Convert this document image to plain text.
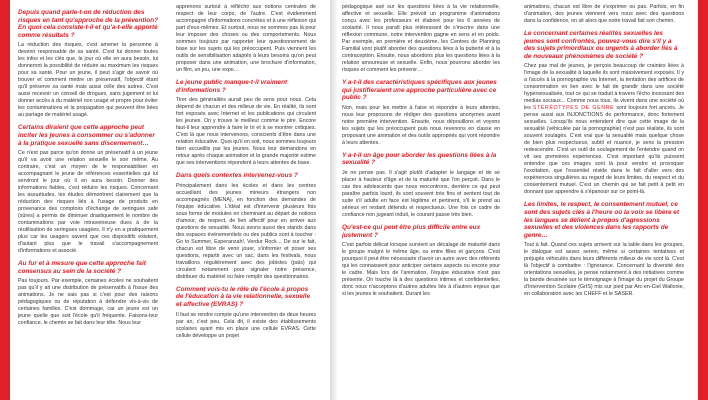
Depuis quand parle-t-on de réduction des risques en tant qu'approche de la prévention? En quoi cela consiste-t-il et qu'a-t-elle apporté comme résultats ?

La réduction des risques, c'est amener la personne à devenir responsable de sa santé. C'est lui donner toutes les infos et les clés que, le jour où elle en aura besoin, lui donneront la possibilité de réduire au maximum les risques pour sa santé. Pour un jeune, il peut s'agir de savoir où trouver et comment mettre un préservatif, l'objectif étant qu'il préserve sa santé mais aussi celle des autres. C'est aussi recevoir un conseil de drogues, sans jugement et lui donner accès à du matériel non usagé et propre pour éviter les contaminations et la propagation qui peuvent être liées au partage de matériel usagé.

Certains diraient que cette approche peut inciter les jeunes à consommer ou s'adonner à la pratique sexuelle sans discernement…

Ce n'est pas parce qu'on donne un préservatif à un jeune qu'il va avoir une relation sexuelle le soir même. Au contraire, c'est un moyen de le responsabiliser en accompagnant le jeune de références essentielles qui lui serviront le jour où il en aura besoin. Donner des informations fiables, c'est réduire les risques. Concernant les assuétudes, les études démontrent clairement que la réduction des risques liés à l'usage de produits en provenance des comptoirs d'échange de seringues safe (sûres) a permis de diminuer drastiquement le nombre de contaminations par voie intraveineuse dues à de la réutilisation de seringues usagées. Il n'y en a pratiquement plus car les usagers savent que ces dispositifs existent, d'autant plus que le travail s'accompagnement d'informations et associé.

Au fur et à mesure que cette approche fait consensus au sein de la société ?

Pas toujours. Par exemple, certaines écoles ne souhaitent pas qu'il y ait une distribution de préservatifs à l'issue des animations. Je ne sais pas si c'est pour des raisons pédagogiques ou de réputation à défendre vis-à-vis de certaines familles. C'est dommage, car un jeune est un jeune quelle que soit l'école qu'il fréquente. Faisons-leur confiance, le chemin se fait dans leur tête. Nous leur

apprenons surtout à réfléchir aux notions centrales de respect de leur corps, de l'autre. C'est évidemment accompagné d'informations concrètes et à une réflexion qui part d'eux-mêmes. Et surtout, nous ne sommes pas là pour leur imposer des choses ou des comportements. Nous sommes toujours par rapporter leur questionnement de base sur les sujets qui les préoccupent. Puis viennent les outils de sensibilisation adaptés à leurs besoins qu'on peut proposer dans une animation, une brochure d'information, un film, un jeu, une expo…

Le jeune public manque-t-il vraiment d'informations ?

Tirer des généralités aurait peu de sens pour nous. Cela dépend de chacun et des milieux de vie. En réalité, ils sont fort exposés avec Internet et les publications qui circulent les jeunes. On y trouve le meilleur comme le pire. Encore faut-il leur apprendre à faire le tri et à se montrer critiques. C'est là que nous intervenons, conscients d'être dans une relation éducative. Quoi qu'il en soit, nous sommes toujours bien accueillis par les jeunes. Nous leur demandons en retour après chaque animation et la grande majorité estime que ses interventions répondent à leurs attentes de base.

Dans quels contextes intervenez-vous ?

Principalement dans les écoles et dans les centres accueillant des jeunes mineurs étrangers non accompagnés (MENA), en fonction des demandes de l'équipe éducative. L'idéal est d'intervenir plusieurs fois sous forme de modules en cheminant au départ de notions d'amour, de respect, de lien affectif pour en arriver aux questions de sexualité. Nous avons aussi des stands dans des espaces événementiels ou des publics sont à toucher : Go to Summer, Esperanzah!, Verdur Rock… De sur le fait, chacun est libre de venir jouer, s'informer et poser ses questions, repartir avec un sac, dans les festivals, nous travaillons régulièrement avec des jobistes (païs) qui circulent notamment pour signaler notre présence, distribuer du matériel ou faire remplir des questionnaires.

Comment vois-tu le rôle de l'école à propos de l'éducation à la vie relationnelle, sexuelle et affective (EVRAS) ?

Il faut se rendre compte qu'une intervention de deux heures par an, c'est peu. Cela dit, il existe des établissements scolaires ayant mis en place une cellule EVRAS. Cette cellule développe un projet

pédagogique axé sur les questions liées à la vie relationnelle, affective et sexuelle. Elle prévoit un programme d'animations conçu avec les professeurs et élaboré pour les 6 années de scolarité. Il nous paraît plus intéressant de s'inscrire dans une réflexion commune, notre intervention gagne en sens et en poids. Par exemple, en première et deuxième, les Centres de Planning Familial vont plutôt aborder des questions liées à la puberté et à la contraception. Ensuite, nous abordons plus les questions liées à la relation amoureuse et sexuelle. Enfin, nous pourrons aborder les risques et comment les prévenir…

Y a-t-il des caractéristiques spécifiques aux jeunes qui justifieraient une approche particulière avec ce public ?

Non, mais pour les mettre à l'aise et répondre à leurs attentes, nous leur proposons de rédiger des questions anonymes avant notre première intervention. Ensuite, nous dépouillons et voyons les sujets qui les préoccupent puis nous revenons en classe en proposant une animation et des outils appropriés qui vont répondre à leurs attentes.

Y a-t-il un âge pour aborder les questions liées à la sexualité ?

Je ne pense pas. Il s'agit plutôt d'adapter le langage et de se placer à hauteur d'âge et de la maturité que l'on perçoit. Dans le cas des adolescents que nous rencontrons, derrière ce qui peut paraître parfois lourd, ils sont souvent très fins et sentent tout de suite s'il adulte en face est légitime et pertinent, s'il le prend au sérieux en restant détendu et respectueux. Une fois ce cadre de confiance non jugeant induit, le courant passe très bien.

Qu'est-ce qui peut être plus difficile entre eux justement ?

C'est parfois délicat lorsque survient un décalage de maturité dans le groupe malgré le même âge, ou entre filles et garçons. C'est pourquoi il peut être nécessaire d'avoir un autre avec des référents qui les connaissent pour anticiper certains aspects ou encore pour le cadre. Mais lors de l'animation, l'équipe éducative n'est pas présente. On touche là à des questions intimes et confidentielles, donc nous n'acceptons d'autres adultes liés à d'autres enjeux que si les jeunes le souhaitent. Durant les

animations, chacun est libre de s'exprimer ou pas. Parfois, en fin d'animation, des jeunes viennent vers nous avec des questions dans la confidence, on sit alors que notre travail fait son chemin.

Le concernant certaines réalités sexuelles les jeunes sont confrontés, pouvez-vous dire s'il y a des sujets primordiaux ou urgents à aborder liés à de nouveaux phénomènes de société ?

Chez pas mal de jeunes, je perçois beaucoup de craintes liées à l'image de la sexualité à laquelle ils sont massivement exposés. Il y a l'accès à la pornographie via Internet, la tentation des artifices de consommation en lien avec le fait de grandir dans une société hypersexualisée, tout ce qui se traduit à travers l'écho incessant des médias sociaux... Comme nous tous, ils vivent dans une société où les STÉRÉOTYPES DE GENRE sont toujours fort ancrés. Je pense aussi aux INJONCTIONS de performance, donc fortement sexuelles. Lorsqu'ils nous entendent dire que cette image de la sexualité (véhiculée par la pornographie) n'est pas réaliste, ils sont souvent soulagés. C'est vrai que la sexualité mais quelque chose de bien plus respectueux, subtil et nuancé, je sens la pression redescendre. C'est un outil de soulagement de l'entendre quand on vit ses premières expériences. C'est important qu'ils puissent entendre que ces images sont là pour vendre et provoquer l'excitation, que l'essentiel réside dans le fait d'aller vers des expériences singulières au regard de leurs limites, du respect et du consentement mutuel. C'est un chemin qui se fait petit à petit en donnant que apprendre à s'épanouir sur ce point-là.

Les limites, le respect, le consentement mutuel, ce sont des sujets clés à l'heure où la voix se libère et les langues se délient à propos d'agressions sexuelles et des violences dans les rapports de genre…

Tout à fait. Quand ces sujets arrivent sur la table dans les groupes, le dialogue est assez serein, même si certaines tentatives et préjugés véhiculés dans leurs différents milieux de vie sont là. C'est là l'objectif à combattre : l'ignorance. Concernant la diversité des orientations sexuelles, je pense notamment à des initiatives comme la bande dessinée sur le témoignage à l'image du projet du Groupe d'Intervention Scolaire (GrIS) mis sur pied par Arc-en-Ciel Wallonie, en collaboration avec les CHEFF et le SASER.
